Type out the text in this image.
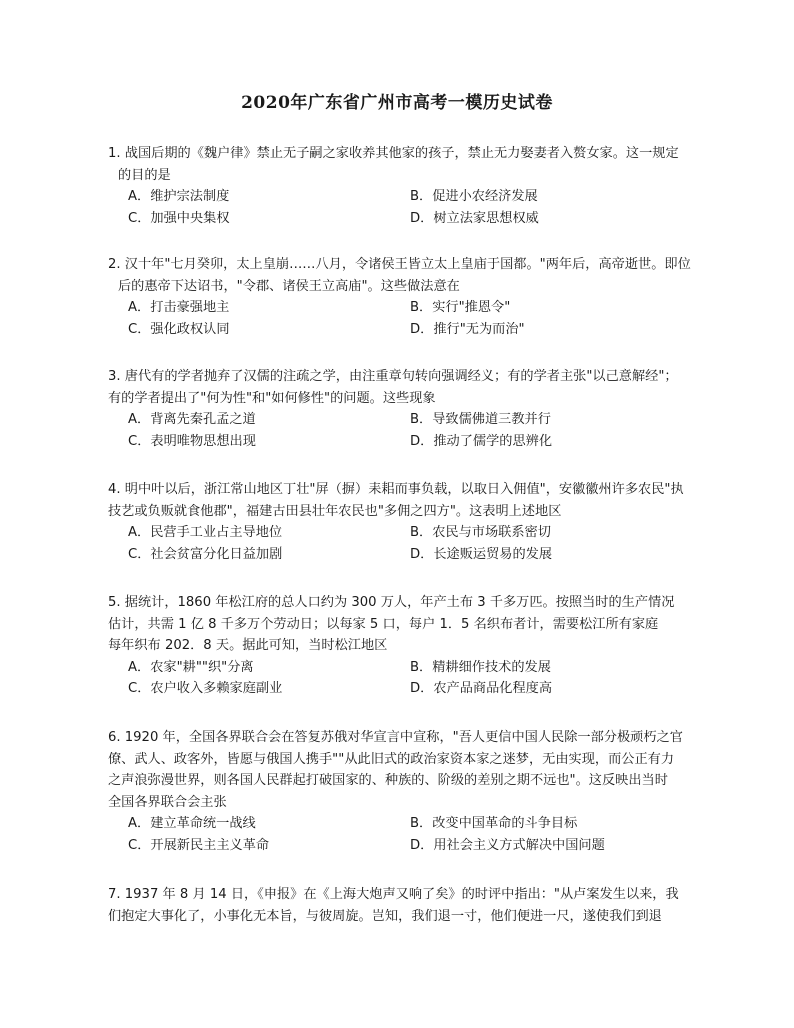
2020年广东省广州市高考一模历史试卷
1. 战国后期的《魏户律》禁止无子嗣之家收养其他家的孩子，禁止无力娶妻者入赘女家。这一规定
的目的是
A．维护宗法制度	B．促进小农经济发展
C．加强中央集权	D．树立法家思想权威
2. 汉十年"七月癸卯，太上皇崩……八月，令诸侯王皆立太上皇庙于国都。"两年后，高帝逝世。即位
后的惠帝下达诏书，"令郡、诸侯王立高庙"。这些做法意在
A．打击豪强地主	B．实行"推恩令"
C．强化政权认同	D．推行"无为而治"
3. 唐代有的学者抛弃了汉儒的注疏之学，由注重章句转向强调经义；有的学者主张"以己意解经"；
有的学者提出了"何为性"和"如何修性"的问题。这些现象
A．背离先秦孔孟之道	B．导致儒佛道三教并行
C．表明唯物思想出现	D．推动了儒学的思辨化
4. 明中叶以后，浙江常山地区丁壮"屏（摒）耒耜而事负载，以取日入佣值"，安徽徽州许多农民"执
技艺或负贩就食他郡"，福建古田县壮年农民也"多佣之四方"。这表明上述地区
A．民营手工业占主导地位	B．农民与市场联系密切
C．社会贫富分化日益加剧	D．长途贩运贸易的发展
5. 据统计，1860 年松江府的总人口约为 300 万人，年产土布 3 千多万匹。按照当时的生产情况
估计，共需 1 亿 8 千多万个劳动日；以每家 5 口，每户 1．5 名织布者计，需要松江所有家庭
每年织布 202．8 天。据此可知，当时松江地区
A．农家"耕""织"分离	B．精耕细作技术的发展
C．农户收入多赖家庭副业	D．农产品商品化程度高
6. 1920 年，全国各界联合会在答复苏俄对华宣言中宣称，"吾人更信中国人民除一部分极顽朽之官
僚、武人、政客外，皆愿与俄国人携手""从此旧式的政治家资本家之迷梦，无由实现，而公正有力
之声浪弥漫世界，则各国人民群起打破国家的、种族的、阶级的差别之期不远也"。这反映出当时
全国各界联合会主张
A．建立革命统一战线	B．改变中国革命的斗争目标
C．开展新民主主义革命	D．用社会主义方式解决中国问题
7. 1937 年 8 月 14 日，《申报》在《上海大炮声又响了矣》的时评中指出："从卢案发生以来，我
们抱定大事化了，小事化无本旨，与彼周旋。岂知，我们退一寸，他们便进一尺，遂使我们到退
